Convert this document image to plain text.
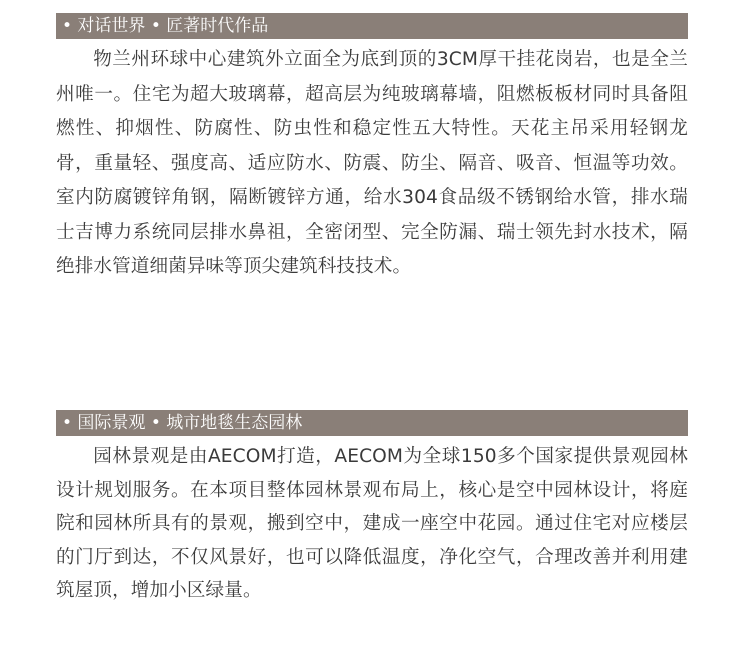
• 对话世界 • 匠著时代作品

物兰州环球中心建筑外立面全为底到顶的3CM厚干挂花岗岩，也是全兰州唯一。住宅为超大玻璃幕，超高层为纯玻璃幕墙，阻燃板板材同时具备阻燃性、抑烟性、防腐性、防虫性和稳定性五大特性。天花主吊采用轻钢龙骨，重量轻、强度高、适应防水、防震、防尘、隔音、吸音、恒温等功效。室内防腐镀锌角钢，隔断镀锌方通，给水304食品级不锈钢给水管，排水瑞士吉博力系统同层排水鼻祖，全密闭型、完全防漏、瑞士领先封水技术，隔绝排水管道细菌异味等顶尖建筑科技技术。

• 国际景观 • 城市地毯生态园林

园林景观是由AECOM打造，AECOM为全球150多个国家提供景观园林设计规划服务。在本项目整体园林景观布局上，核心是空中园林设计，将庭院和园林所具有的景观，搬到空中，建成一座空中花园。通过住宅对应楼层的门厅到达，不仅风景好，也可以降低温度，净化空气，合理改善并利用建筑屋顶，增加小区绿量。
